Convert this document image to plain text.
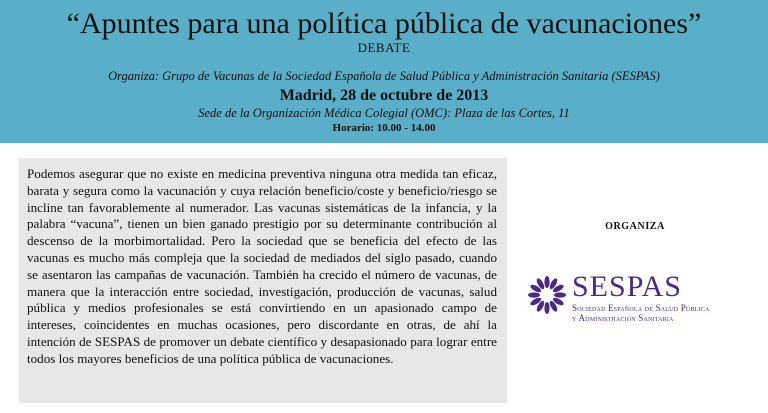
“Apuntes para una política pública de vacunaciones”
DEBATE
Organiza: Grupo de Vacunas de la Sociedad Española de Salud Pública y Administración Sanitaria (SESPAS)
Madrid, 28 de octubre de 2013
Sede de la Organización Médica Colegial (OMC): Plaza de las Cortes, 11
Horario: 10.00 - 14.00

Podemos asegurar que no existe en medicina preventiva ninguna otra medida tan eficaz, barata y segura como la vacunación y cuya relación beneficio/coste y beneficio/riesgo se incline tan favorablemente al numerador. Las vacunas sistemáticas de la infancia, y la palabra “vacuna”, tienen un bien ganado prestigio por su determinante contribución al descenso de la morbimortalidad. Pero la sociedad que se beneficia del efecto de las vacunas es mucho más compleja que la sociedad de mediados del siglo pasado, cuando se asentaron las campañas de vacunación. También ha crecido el número de vacunas, de manera que la interacción entre sociedad, investigación, producción de vacunas, salud pública y medios profesionales se está convirtiendo en un apasionado campo de intereses, coincidentes en muchas ocasiones, pero discordante en otras, de ahí la intención de SESPAS de promover un debate científico y desapasionado para lograr entre todos los mayores beneficios de una política pública de vacunaciones.

ORGANIZA
SESPAS
Sociedad Española de Salud Pública
y Administración Sanitaria
